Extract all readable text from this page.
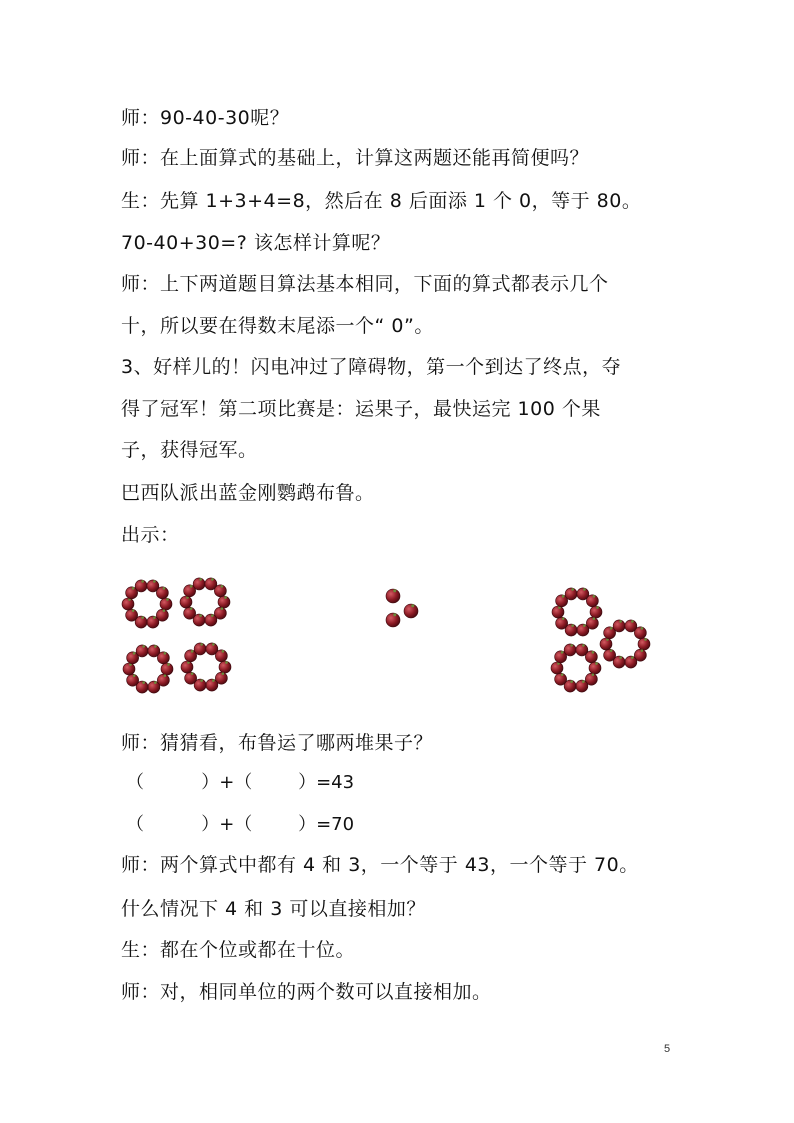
师：90-40-30呢？
师：在上面算式的基础上，计算这两题还能再简便吗？
生：先算 1+3+4=8，然后在 8 后面添 1 个 0，等于 80。
70-40+30=? 该怎样计算呢？
师：上下两道题目算法基本相同，下面的算式都表示几个
十，所以要在得数末尾添一个“ 0”。
3、好样儿的！闪电冲过了障碍物，第一个到达了终点，夺
得了冠军！第二项比赛是：运果子，最快运完 100 个果
子，获得冠军。
巴西队派出蓝金刚鹦鹉布鲁。
出示：
师：猜猜看，布鲁运了哪两堆果子？
（          ）+（        ）=43
（          ）+（        ）=70
师：两个算式中都有 4 和 3，一个等于 43，一个等于 70。
什么情况下 4 和 3 可以直接相加？
生：都在个位或都在十位。
师：对，相同单位的两个数可以直接相加。
5
